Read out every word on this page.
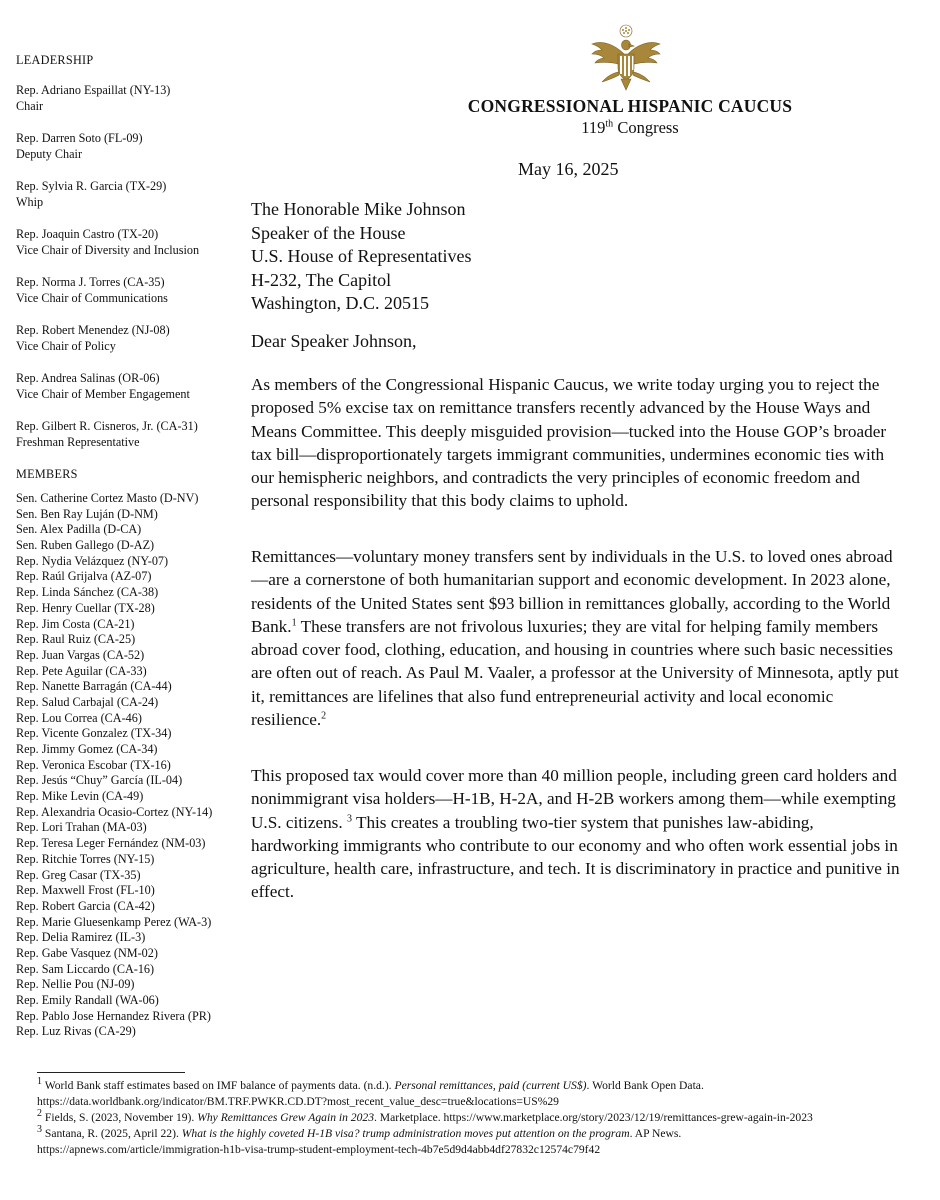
CONGRESSIONAL HISPANIC CAUCUS
119th Congress
May 16, 2025
LEADERSHIP
Rep. Adriano Espaillat (NY-13)
Chair
Rep. Darren Soto (FL-09)
Deputy Chair
Rep. Sylvia R. Garcia (TX-29)
Whip
Rep. Joaquin Castro (TX-20)
Vice Chair of Diversity and Inclusion
Rep. Norma J. Torres (CA-35)
Vice Chair of Communications
Rep. Robert Menendez (NJ-08)
Vice Chair of Policy
Rep. Andrea Salinas (OR-06)
Vice Chair of Member Engagement
Rep. Gilbert R. Cisneros, Jr. (CA-31)
Freshman Representative
MEMBERS
Sen. Catherine Cortez Masto (D-NV)
Sen. Ben Ray Luján (D-NM)
Sen. Alex Padilla (D-CA)
Sen. Ruben Gallego (D-AZ)
Rep. Nydia Velázquez (NY-07)
Rep. Raúl Grijalva (AZ-07)
Rep. Linda Sánchez (CA-38)
Rep. Henry Cuellar (TX-28)
Rep. Jim Costa (CA-21)
Rep. Raul Ruiz (CA-25)
Rep. Juan Vargas (CA-52)
Rep. Pete Aguilar (CA-33)
Rep. Nanette Barragán (CA-44)
Rep. Salud Carbajal (CA-24)
Rep. Lou Correa (CA-46)
Rep. Vicente Gonzalez (TX-34)
Rep. Jimmy Gomez (CA-34)
Rep. Veronica Escobar (TX-16)
Rep. Jesús “Chuy” García (IL-04)
Rep. Mike Levin (CA-49)
Rep. Alexandria Ocasio-Cortez (NY-14)
Rep. Lori Trahan (MA-03)
Rep. Teresa Leger Fernández (NM-03)
Rep. Ritchie Torres (NY-15)
Rep. Greg Casar (TX-35)
Rep. Maxwell Frost (FL-10)
Rep. Robert Garcia (CA-42)
Rep. Marie Gluesenkamp Perez (WA-3)
Rep. Delia Ramirez (IL-3)
Rep. Gabe Vasquez (NM-02)
Rep. Sam Liccardo (CA-16)
Rep. Nellie Pou (NJ-09)
Rep. Emily Randall (WA-06)
Rep. Pablo Jose Hernandez Rivera (PR)
Rep. Luz Rivas (CA-29)
The Honorable Mike Johnson
Speaker of the House
U.S. House of Representatives
H-232, The Capitol
Washington, D.C. 20515
Dear Speaker Johnson,

As members of the Congressional Hispanic Caucus, we write today urging you to reject the proposed 5% excise tax on remittance transfers recently advanced by the House Ways and Means Committee. This deeply misguided provision—tucked into the House GOP’s broader tax bill—disproportionately targets immigrant communities, undermines economic ties with our hemispheric neighbors, and contradicts the very principles of economic freedom and personal responsibility that this body claims to uphold.

Remittances—voluntary money transfers sent by individuals in the U.S. to loved ones abroad—are a cornerstone of both humanitarian support and economic development. In 2023 alone, residents of the United States sent $93 billion in remittances globally, according to the World Bank.$^1$ These transfers are not frivolous luxuries; they are vital for helping family members abroad cover food, clothing, education, and housing in countries where such basic necessities are often out of reach. As Paul M. Vaaler, a professor at the University of Minnesota, aptly put it, remittances are lifelines that also fund entrepreneurial activity and local economic resilience.$^2$

This proposed tax would cover more than 40 million people, including green card holders and nonimmigrant visa holders—H-1B, H-2A, and H-2B workers among them—while exempting U.S. citizens. $^3$ This creates a troubling two-tier system that punishes law-abiding, hardworking immigrants who contribute to our economy and who often work essential jobs in agriculture, health care, infrastructure, and tech. It is discriminatory in practice and punitive in effect.

$^1$ World Bank staff estimates based on IMF balance of payments data. (n.d.). Personal remittances, paid (current US$). World Bank Open Data.
https://data.worldbank.org/indicator/BM.TRF.PWKR.CD.DT?most_recent_value_desc=true&locations=US%29

$^2$ Fields, S. (2023, November 19). Why Remittances Grew Again in 2023. Marketplace. https://www.marketplace.org/story/2023/12/19/remittances-grew-again-in-2023

$^3$ Santana, R. (2025, April 22). What is the highly coveted H-1B visa? trump administration moves put attention on the program. AP News.
https://apnews.com/article/immigration-h1b-visa-trump-student-employment-tech-4b7e5d9d4abb4df27832c12574c79f42
